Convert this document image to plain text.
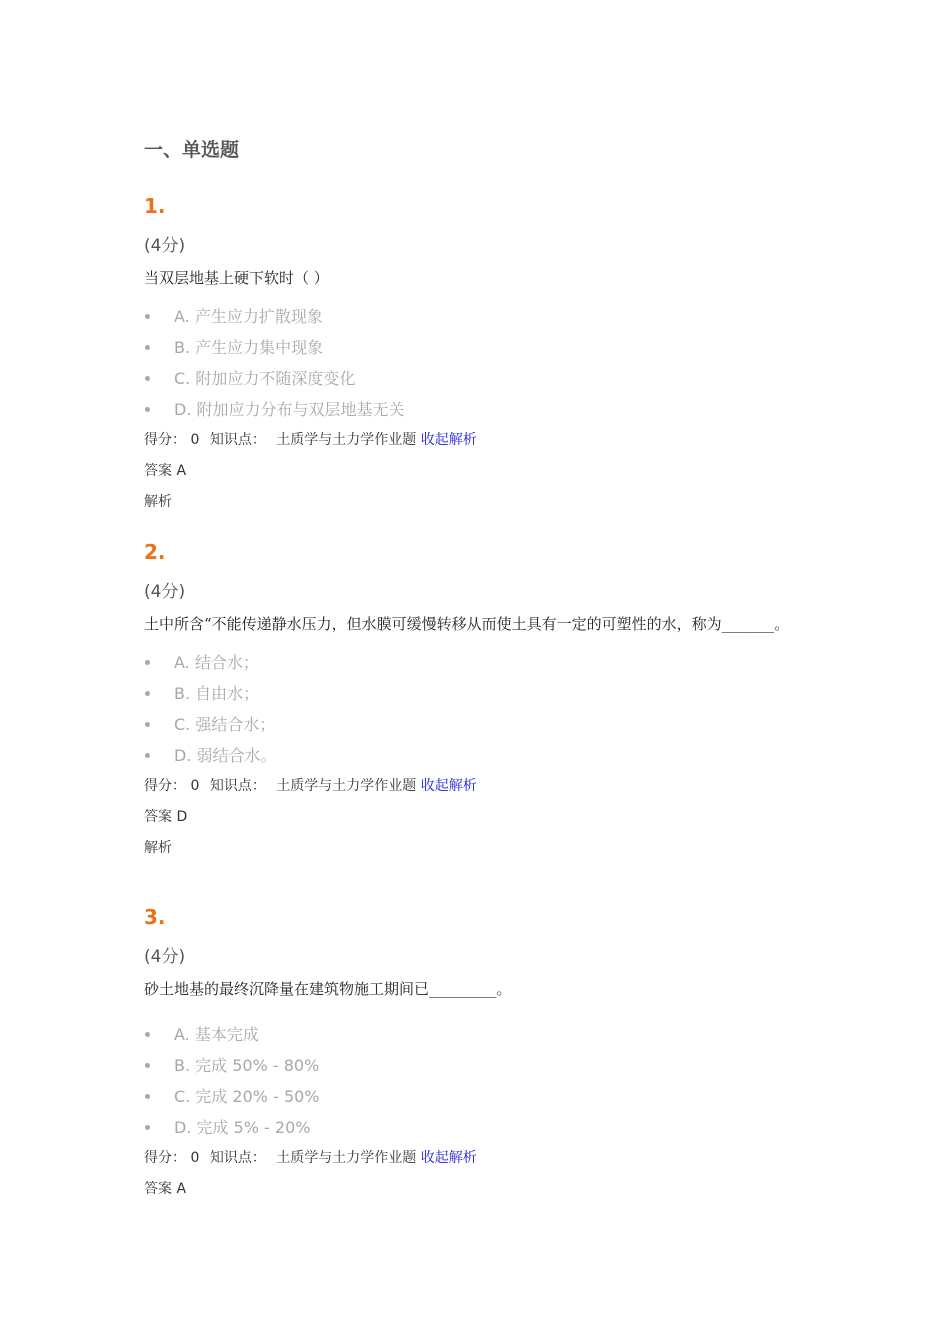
一、单选题
1.
(4分)
当双层地基上硬下软时（ ）
A. 产生应力扩散现象
B. 产生应力集中现象
C. 附加应力不随深度变化
D. 附加应力分布与双层地基无关
得分： 0 知识点： 土质学与土力学作业题 收起解析
答案 A
解析
2.
(4分)
土中所含“不能传递静水压力，但水膜可缓慢转移从而使土具有一定的可塑性的水，称为_______。
A. 结合水；
B. 自由水；
C. 强结合水；
D. 弱结合水。
得分： 0 知识点： 土质学与土力学作业题 收起解析
答案 D
解析
3.
(4分)
砂土地基的最终沉降量在建筑物施工期间已_________。
A. 基本完成
B. 完成 50% - 80%
C. 完成 20% - 50%
D. 完成 5% - 20%
得分： 0 知识点： 土质学与土力学作业题 收起解析
答案 A
